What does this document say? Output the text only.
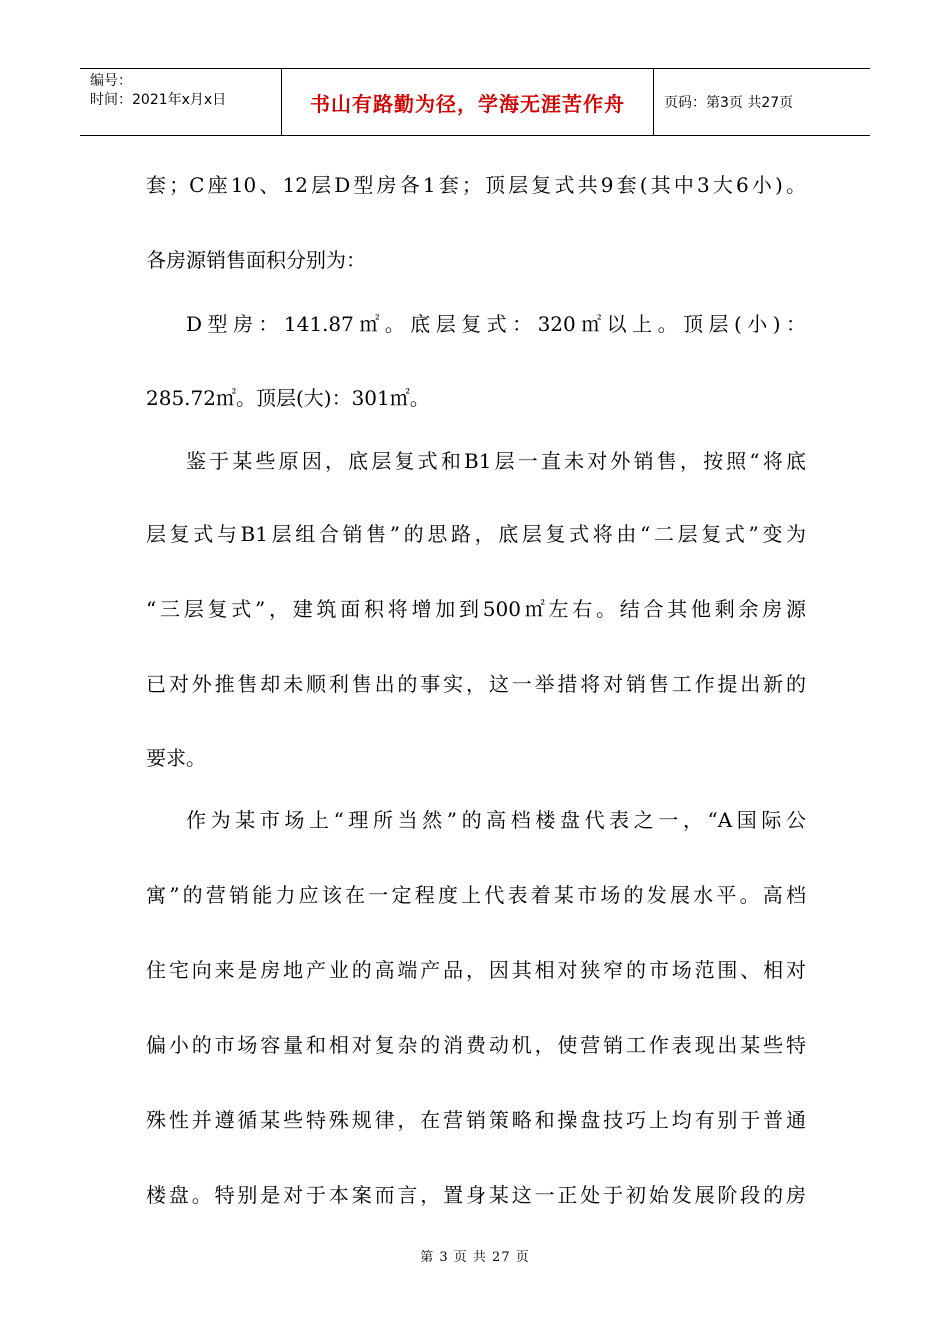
编号：
时间：2021年x月x日	书山有路勤为径，学海无涯苦作舟	页码：第3页 共27页
套；C座10、12层D型房各1套；顶层复式共9套(其中3大6小)。
各房源销售面积分别为：
D型房：141.87㎡。底层复式：320㎡以上。顶层(小)：
285.72㎡。顶层(大)：301㎡。
鉴于某些原因，底层复式和B1层一直未对外销售，按照“将底
层复式与B1层组合销售”的思路，底层复式将由“二层复式”变为
“三层复式”，建筑面积将增加到500㎡左右。结合其他剩余房源
已对外推售却未顺利售出的事实，这一举措将对销售工作提出新的
要求。
作为某市场上“理所当然”的高档楼盘代表之一，“A国际公
寓”的营销能力应该在一定程度上代表着某市场的发展水平。高档
住宅向来是房地产业的高端产品，因其相对狭窄的市场范围、相对
偏小的市场容量和相对复杂的消费动机，使营销工作表现出某些特
殊性并遵循某些特殊规律，在营销策略和操盘技巧上均有别于普通
楼盘。特别是对于本案而言，置身某这一正处于初始发展阶段的房
第 3 页 共 27 页
